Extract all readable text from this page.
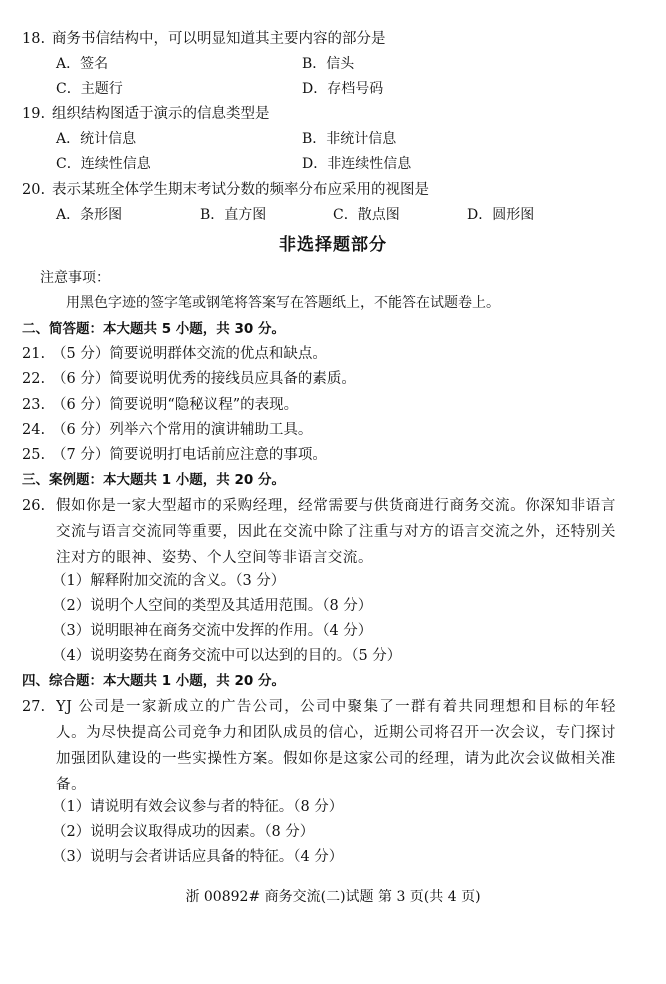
18. 商务书信结构中，可以明显知道其主要内容的部分是
A．签名	B．信头
C．主题行	D．存档号码
19. 组织结构图适于演示的信息类型是
A．统计信息	B．非统计信息
C．连续性信息	D．非连续性信息
20. 表示某班全体学生期末考试分数的频率分布应采用的视图是
A．条形图	B．直方图	C．散点图	D．圆形图
非选择题部分
注意事项：
用黑色字迹的签字笔或钢笔将答案写在答题纸上，不能答在试题卷上。
二、简答题：本大题共 5 小题，共 30 分。
21. （5 分）简要说明群体交流的优点和缺点。
22. （6 分）简要说明优秀的接线员应具备的素质。
23. （6 分）简要说明“隐秘议程”的表现。
24. （6 分）列举六个常用的演讲辅助工具。
25. （7 分）简要说明打电话前应注意的事项。
三、案例题：本大题共 1 小题，共 20 分。
26. 假如你是一家大型超市的采购经理，经常需要与供货商进行商务交流。你深知非语言交流与语言交流同等重要，因此在交流中除了注重与对方的语言交流之外，还特别关注对方的眼神、姿势、个人空间等非语言交流。
（1）解释附加交流的含义。（3 分）
（2）说明个人空间的类型及其适用范围。（8 分）
（3）说明眼神在商务交流中发挥的作用。（4 分）
（4）说明姿势在商务交流中可以达到的目的。（5 分）
四、综合题：本大题共 1 小题，共 20 分。
27. YJ 公司是一家新成立的广告公司，公司中聚集了一群有着共同理想和目标的年轻人。为尽快提高公司竞争力和团队成员的信心，近期公司将召开一次会议，专门探讨加强团队建设的一些实操性方案。假如你是这家公司的经理，请为此次会议做相关准备。
（1）请说明有效会议参与者的特征。（8 分）
（2）说明会议取得成功的因素。（8 分）
（3）说明与会者讲话应具备的特征。（4 分）
浙 00892# 商务交流(二)试题 第 3 页(共 4 页)
